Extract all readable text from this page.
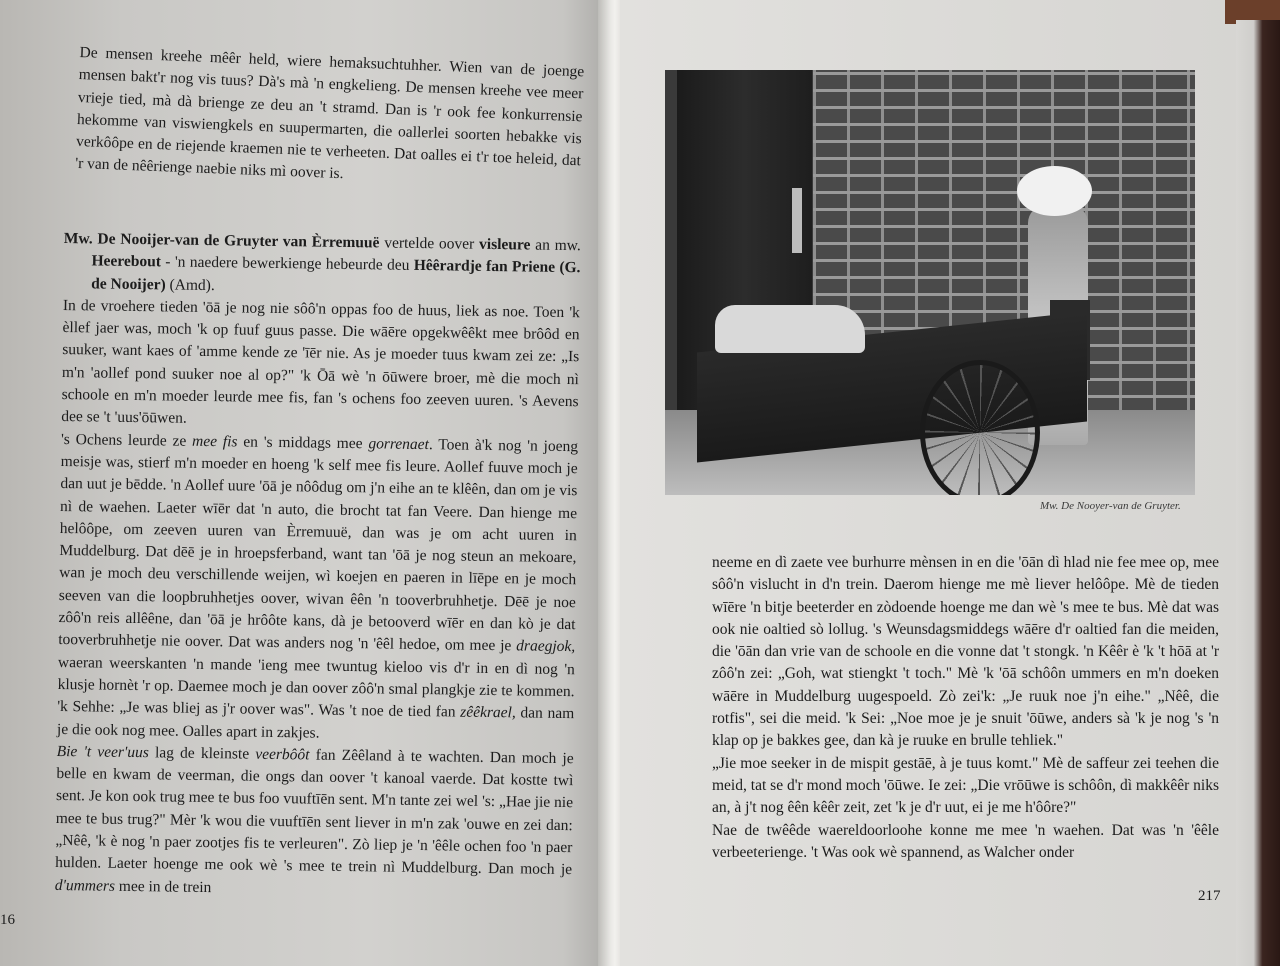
De mensen kreehe mêêr held, wiere hemaksuchtuhher. Wien van de joenge mensen bakt'r nog vis tuus? Dà's mà 'n engkelieng. De mensen kreehe vee meer vrieje tied, mà dà brienge ze deu an 't stramd. Dan is 'r ook fee konkurrensie hekomme van viswiengkels en suupermarten, die oallerlei soorten hebakke vis verkôôpe en de riejende kraemen nie te verheeten. Dat oalles ei t'r toe heleid, dat 'r van de nêêrienge naebie niks mì oover is.

Mw. De Nooijer-van de Gruyter van Èrremuuë vertelde oover visleure an mw. Heerebout - 'n naedere bewerkienge hebeurde deu Hêêrardje fan Priene (G. de Nooijer) (Amd).

In de vroehere tieden 'ōā je nog nie sôô'n oppas foo de huus, liek as noe. Toen 'k èllef jaer was, moch 'k op fuuf guus passe. Die wāēre opgekwêêkt mee brôôd en suuker, want kaes of 'amme kende ze 'īēr nie. As je moeder tuus kwam zei ze: „Is m'n 'aollef pond suuker noe al op?" 'k Ōā wè 'n ōūwere broer, mè die moch nì schoole en m'n moeder leurde mee fis, fan 's ochens foo zeeven uuren. 's Aevens dee se 't 'uus'ōūwen.

's Ochens leurde ze mee fis en 's middags mee gorrenaet. Toen à'k nog 'n joeng meisje was, stierf m'n moeder en hoeng 'k self mee fis leure. Aollef fuuve moch je dan uut je bēdde. 'n Aollef uure 'ōā je nôôdug om j'n eihe an te klêên, dan om je vis nì de waehen. Laeter wīēr dat 'n auto, die brocht tat fan Veere. Dan hienge me helôôpe, om zeeven uuren van Èrremuuë, dan was je om acht uuren in Muddelburg. Dat dēē je in hroepsferband, want tan 'ōā je nog steun an mekoare, wan je moch deu verschillende weijen, wì koejen en paeren in līēpe en je moch seeven van die loopbruhhetjes oover, wivan êên 'n tooverbruhhetje. Dēē je noe zôô'n reis allêêne, dan 'ōā je hrôôte kans, dà je betooverd wīēr en dan kò je dat tooverbruhhetje nie oover. Dat was anders nog 'n 'êêl hedoe, om mee je draegjok, waeran weerskanten 'n mande 'ieng mee twuntug kieloo vis d'r in en dì nog 'n klusje hornèt 'r op. Daemee moch je dan oover zôô'n smal plangkje zie te kommen. 'k Sehhe: „Je was bliej as j'r oover was". Was 't noe de tied fan zêêkrael, dan nam je die ook nog mee. Oalles apart in zakjes.

Bie 't veer'uus lag de kleinste veerbôôt fan Zêêland à te wachten. Dan moch je belle en kwam de veerman, die ongs dan oover 't kanoal vaerde. Dat kostte twì sent. Je kon ook trug mee te bus foo vuuftīēn sent. M'n tante zei wel 's: „Hae jie nie mee te bus trug?" Mèr 'k wou die vuuftīēn sent liever in m'n zak 'ouwe en zei dan: „Nêê, 'k è nog 'n paer zootjes fis te verleuren". Zò liep je 'n 'êêle ochen foo 'n paer hulden. Laeter hoenge me ook wè 's mee te trein nì Muddelburg. Dan moch je d'ummers mee in de trein

16
Mw. De Nooyer-van de Gruyter.

neeme en dì zaete vee burhurre mènsen in en die 'ōān dì hlad nie fee mee op, mee sôô'n vislucht in d'n trein. Daerom hienge me mè liever helôôpe. Mè de tieden wīēre 'n bitje beeterder en zòdoende hoenge me dan wè 's mee te bus. Mè dat was ook nie oaltied sò lollug. 's Weunsdagsmiddegs wāēre d'r oaltied fan die meiden, die 'ōān dan vrie van de schoole en die vonne dat 't stongk. 'n Kêêr è 'k 't hōā at 'r zôô'n zei: „Goh, wat stiengkt 't toch." Mè 'k 'ōā schôôn ummers en m'n doeken wāēre in Muddelburg uugespoeld. Zò zei'k: „Je ruuk noe j'n eihe." „Nêê, die rotfis", sei die meid. 'k Sei: „Noe moe je je snuit 'ōūwe, anders sà 'k je nog 's 'n klap op je bakkes gee, dan kà je ruuke en brulle tehliek."

„Jie moe seeker in de mispit gestāē, à je tuus komt." Mè de saffeur zei teehen die meid, tat se d'r mond moch 'ōūwe. Ie zei: „Die vrōūwe is schôôn, dì makkêêr niks an, à j't nog êên kêêr zeit, zet 'k je d'r uut, ei je me h'ôôre?"

Nae de twêêde waereldoorloohe konne me mee 'n waehen. Dat was 'n 'êêle verbeeterienge. 't Was ook wè spannend, as Walcher onder

217
